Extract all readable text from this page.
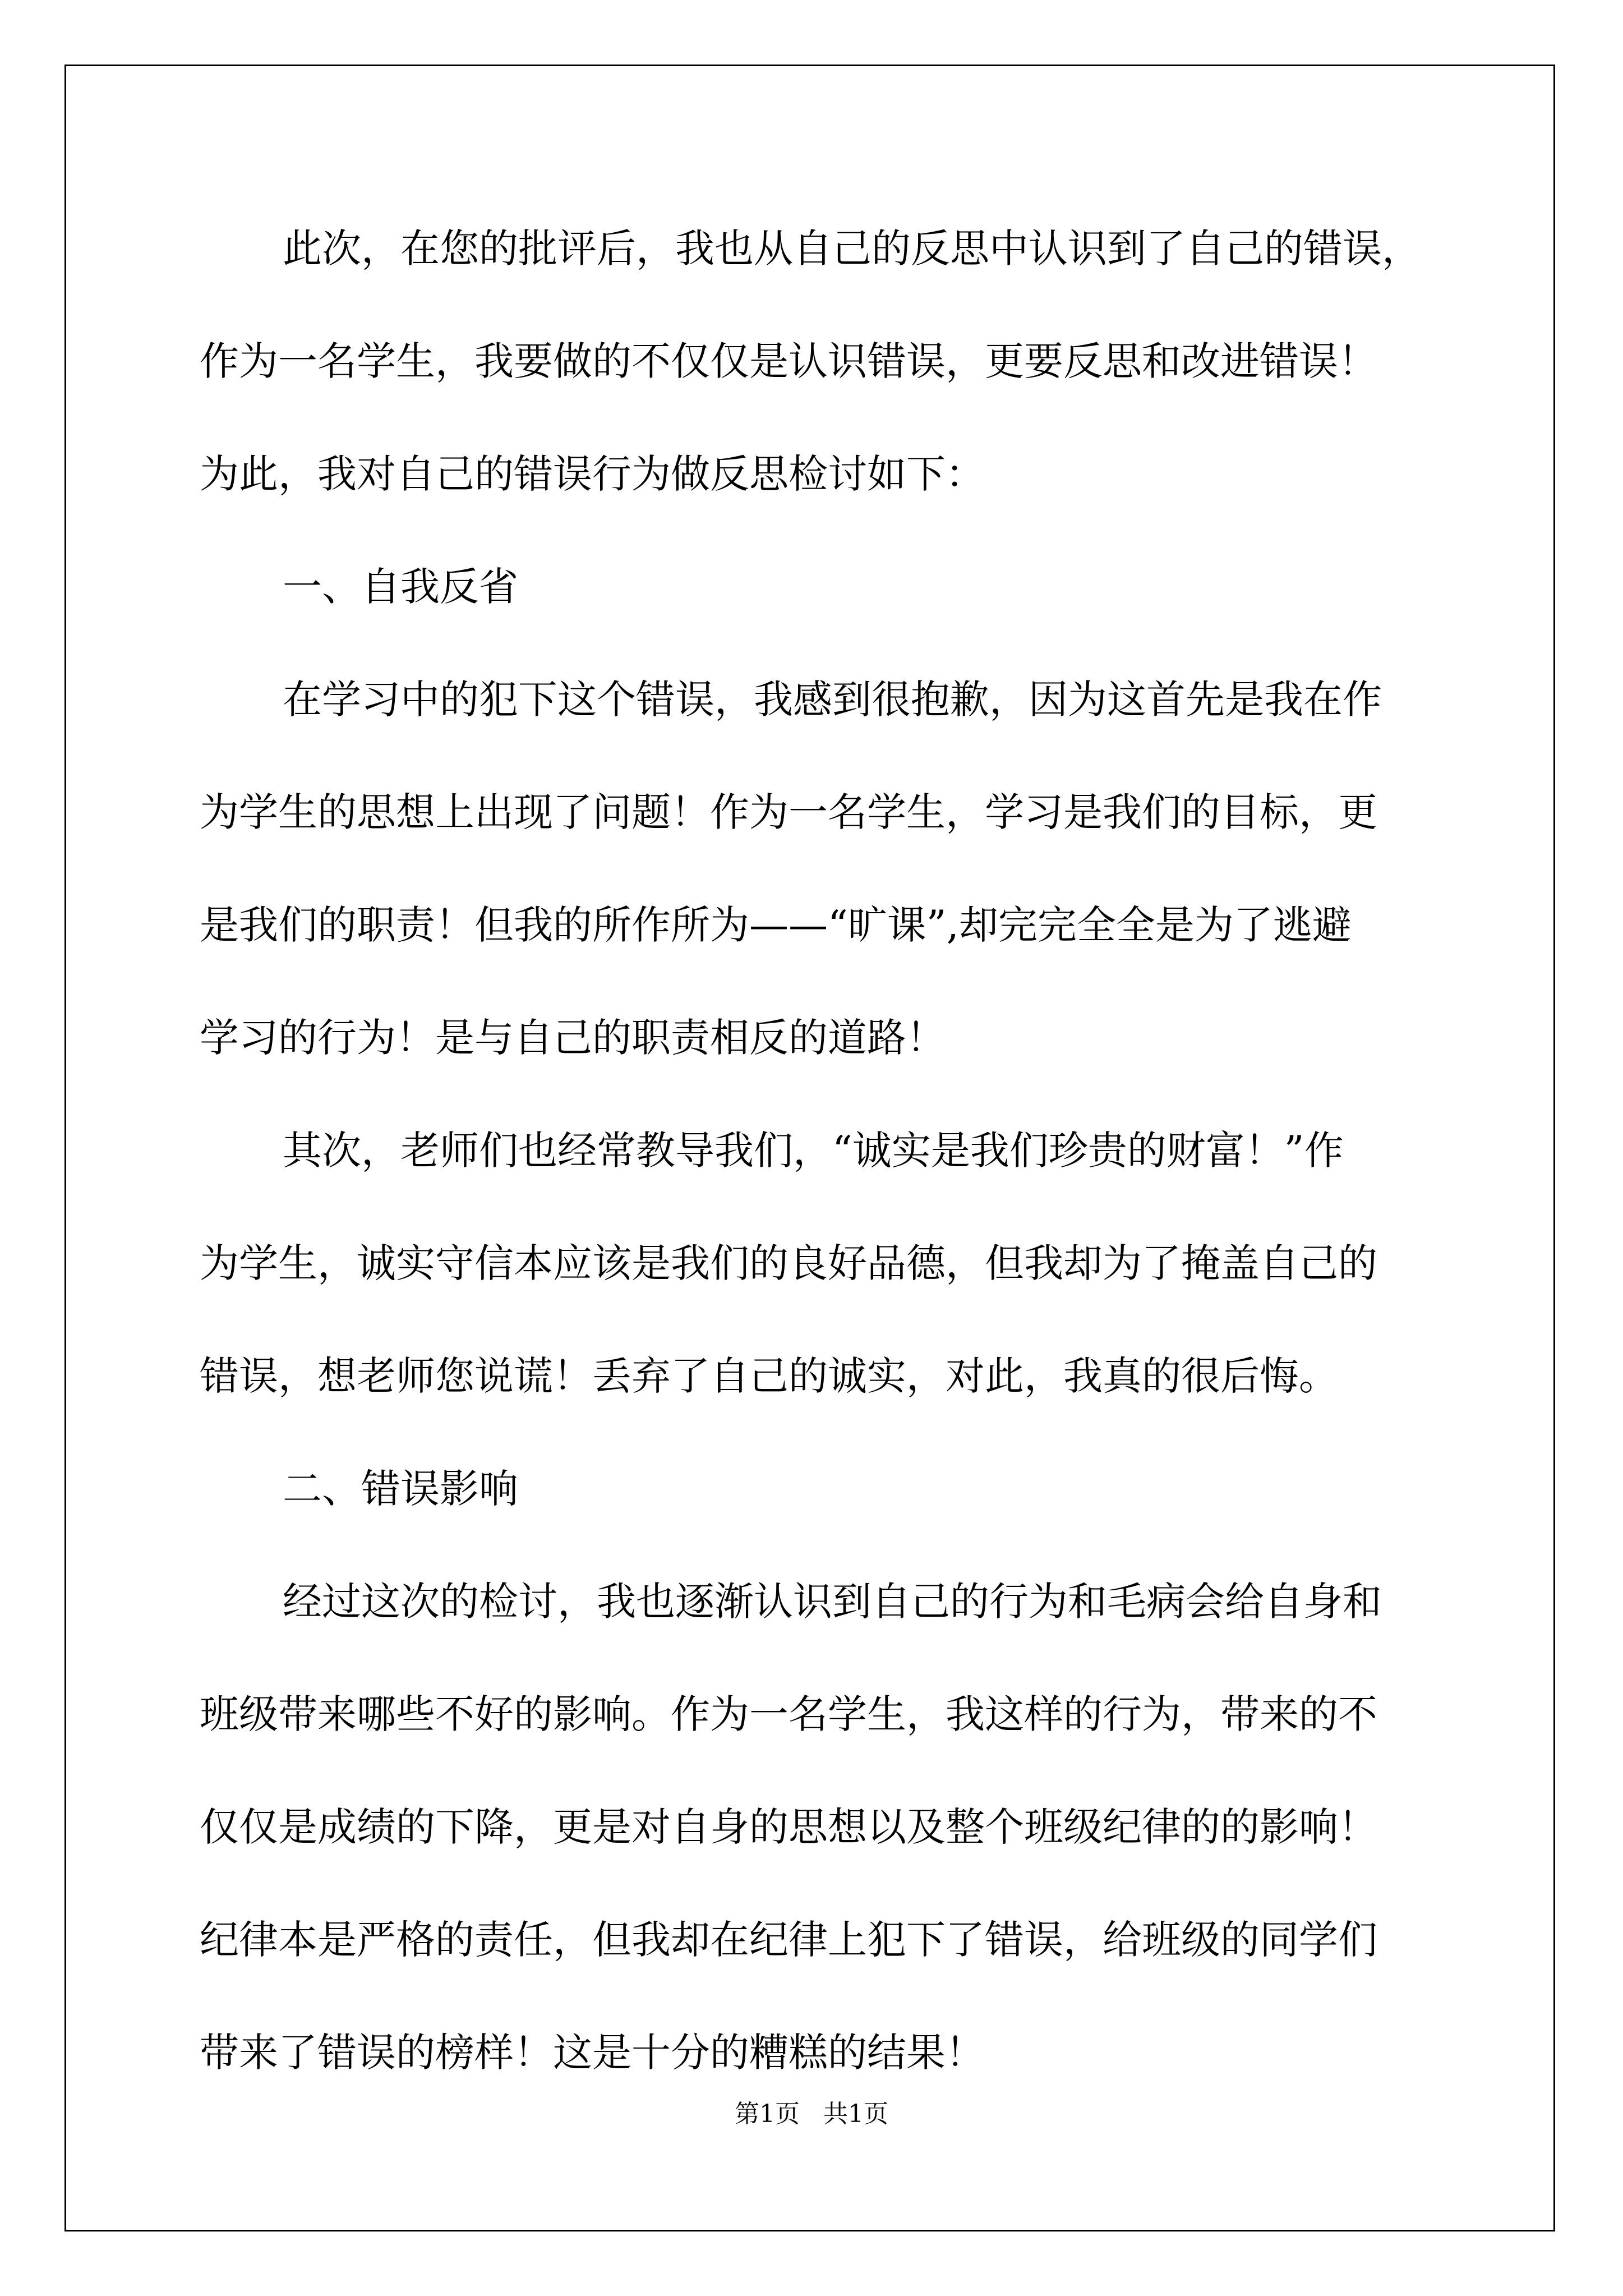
此次，在您的批评后，我也从自己的反思中认识到了自己的错误，
作为一名学生，我要做的不仅仅是认识错误，更要反思和改进错误！
为此，我对自己的错误行为做反思检讨如下：
一、自我反省
在学习中的犯下这个错误，我感到很抱歉，因为这首先是我在作
为学生的思想上出现了问题！作为一名学生，学习是我们的目标，更
是我们的职责！但我的所作所为——“旷课”,却完完全全是为了逃避
学习的行为！是与自己的职责相反的道路！
其次，老师们也经常教导我们，“诚实是我们珍贵的财富！”作
为学生，诚实守信本应该是我们的良好品德，但我却为了掩盖自己的
错误，想老师您说谎！丢弃了自己的诚实，对此，我真的很后悔。
二、错误影响
经过这次的检讨，我也逐渐认识到自己的行为和毛病会给自身和
班级带来哪些不好的影响。作为一名学生，我这样的行为，带来的不
仅仅是成绩的下降，更是对自身的思想以及整个班级纪律的的影响！
纪律本是严格的责任，但我却在纪律上犯下了错误，给班级的同学们
带来了错误的榜样！这是十分的糟糕的结果！
第1页 共1页
